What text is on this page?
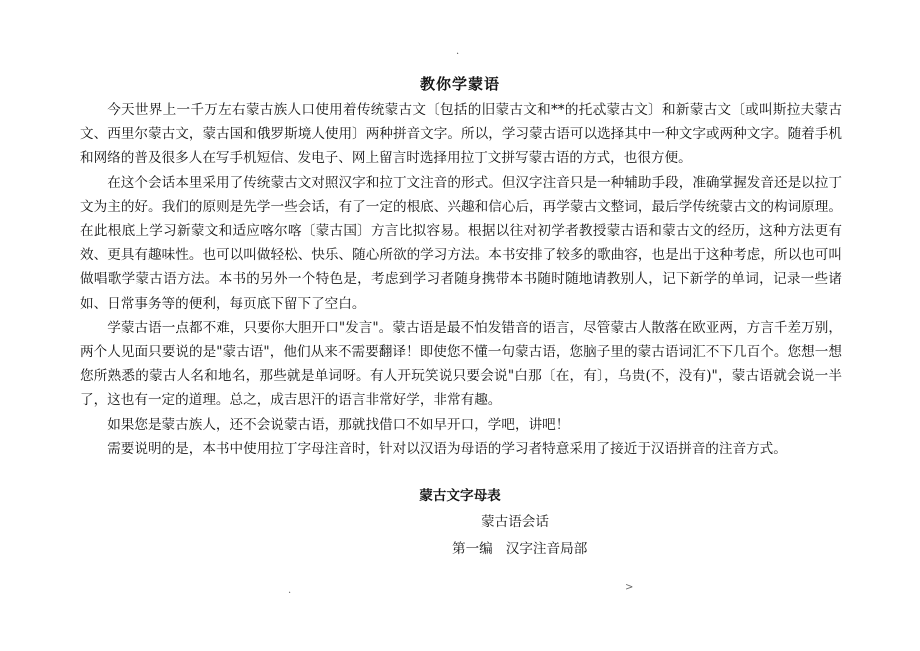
.
教你学蒙语

今天世界上一千万左右蒙古族人口使用着传统蒙古文〔包括的旧蒙古文和**的托忒蒙古文〕和新蒙古文〔或叫斯拉夫蒙古文、西里尔蒙古文，蒙古国和俄罗斯境人使用〕两种拼音文字。所以，学习蒙古语可以选择其中一种文字或两种文字。随着手机和网络的普及很多人在写手机短信、发电子、网上留言时选择用拉丁文拼写蒙古语的方式，也很方便。

在这个会话本里采用了传统蒙古文对照汉字和拉丁文注音的形式。但汉字注音只是一种辅助手段，准确掌握发音还是以拉丁文为主的好。我们的原则是先学一些会话，有了一定的根底、兴趣和信心后，再学蒙古文整词，最后学传统蒙古文的构词原理。在此根底上学习新蒙文和适应喀尔喀〔蒙古国〕方言比拟容易。根据以往对初学者教授蒙古语和蒙古文的经历，这种方法更有效、更具有趣味性。也可以叫做轻松、快乐、随心所欲的学习方法。本书安排了较多的歌曲容，也是出于这种考虑，所以也可叫做唱歌学蒙古语方法。本书的另外一个特色是，考虑到学习者随身携带本书随时随地请教别人，记下新学的单词，记录一些诸如、日常事务等的便利，每页底下留下了空白。

学蒙古语一点都不难，只要你大胆开口"发言"。蒙古语是最不怕发错音的语言，尽管蒙古人散落在欧亚两，方言千差万别，两个人见面只要说的是"蒙古语"，他们从来不需要翻译！即使您不懂一句蒙古语，您脑子里的蒙古语词汇不下几百个。您想一想您所熟悉的蒙古人名和地名，那些就是单词呀。有人开玩笑说只要会说"白那〔在，有〕，乌贵(不，没有)"，蒙古语就会说一半了，这也有一定的道理。总之，成吉思汗的语言非常好学，非常有趣。

如果您是蒙古族人，还不会说蒙古语，那就找借口不如早开口，学吧，讲吧！

需要说明的是，本书中使用拉丁字母注音时，针对以汉语为母语的学习者特意采用了接近于汉语拼音的注音方式。

蒙古文字母表
蒙古语会话
第一编   汉字注音局部
.	>
